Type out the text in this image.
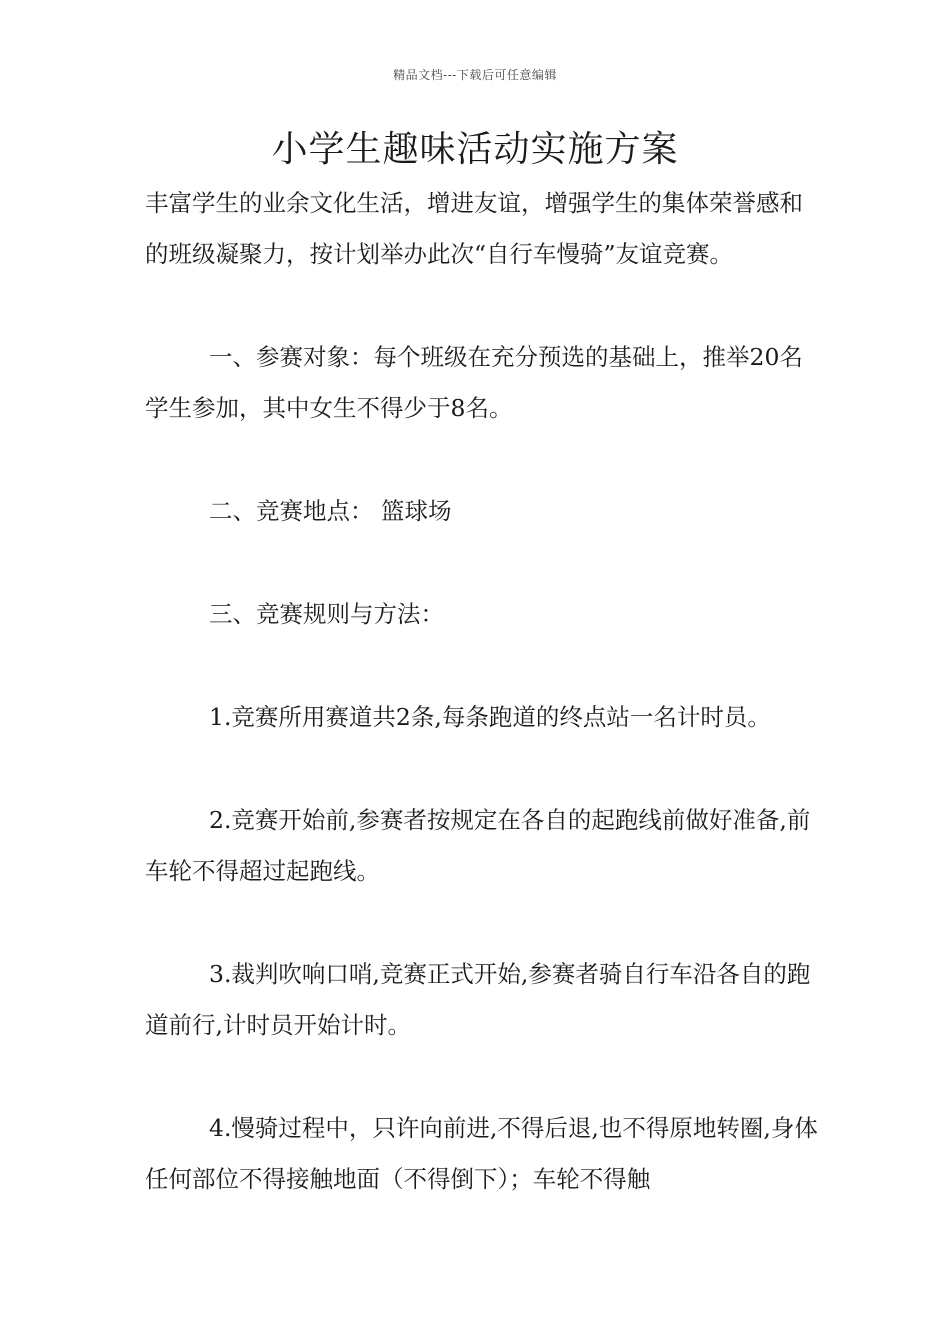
精品文档---下载后可任意编辑
小学生趣味活动实施方案

丰富学生的业余文化生活，增进友谊，增强学生的集体荣誉感和的班级凝聚力，按计划举办此次“自行车慢骑”友谊竞赛。

一、参赛对象：每个班级在充分预选的基础上，推举20名学生参加，其中女生不得少于8名。

二、竞赛地点： 篮球场

三、竞赛规则与方法：

1.竞赛所用赛道共2条,每条跑道的终点站一名计时员。

2.竞赛开始前,参赛者按规定在各自的起跑线前做好准备,前车轮不得超过起跑线。

3.裁判吹响口哨,竞赛正式开始,参赛者骑自行车沿各自的跑道前行,计时员开始计时。

4.慢骑过程中，只许向前进,不得后退,也不得原地转圈,身体任何部位不得接触地面（不得倒下）；车轮不得触
